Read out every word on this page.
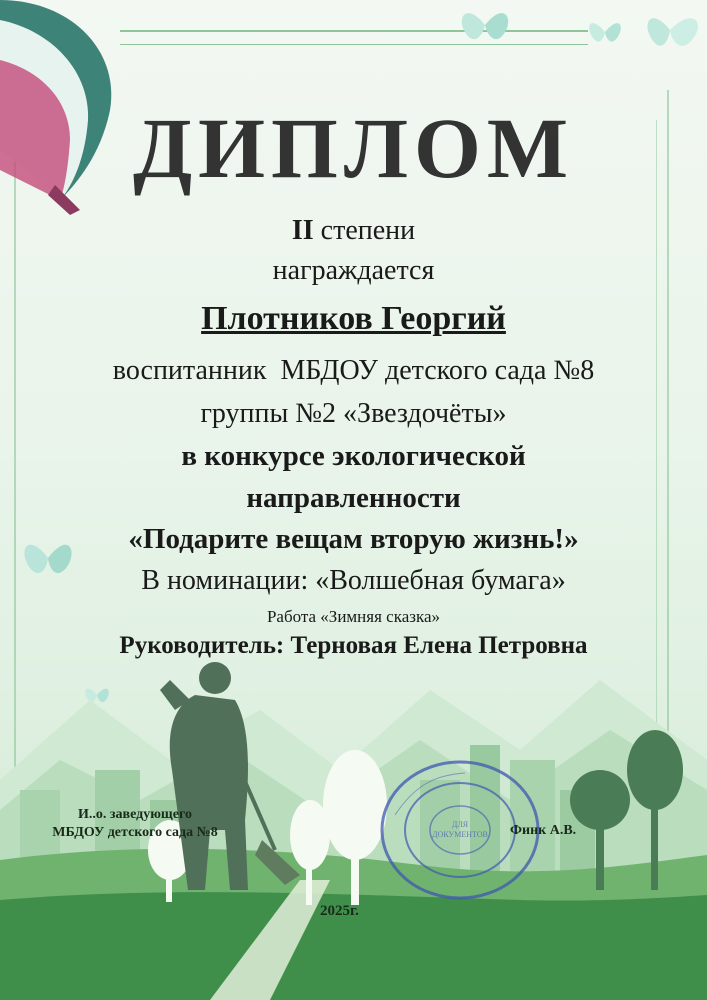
ДЛЯ
ДОКУМЕНТОВ
ДИПЛОМ
II степени
награждается
Плотников Георгий
воспитанник  МБДОУ детского сада №8
группы №2 «Звездочёты»
в конкурсе экологической
направленности
«Подарите вещам вторую жизнь!»
В номинации: «Волшебная бумага»
Работа «Зимняя сказка»
Руководитель: Терновая Елена Петровна
И..о. заведующего
МБДОУ детского сада №8	Финк А.В.
2025г.
